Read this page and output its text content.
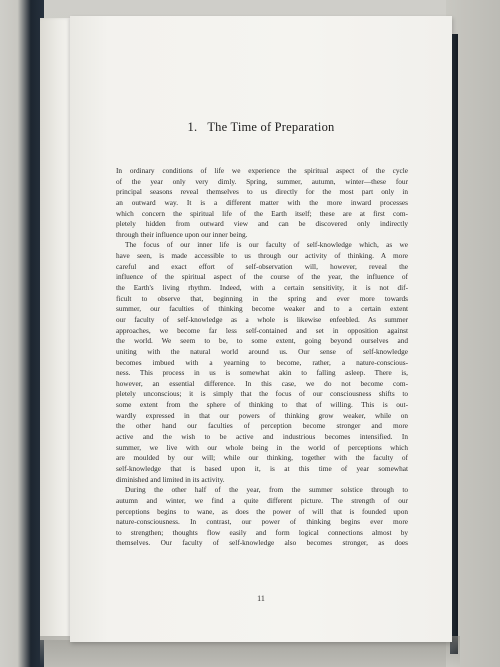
1. The Time of Preparation
In ordinary conditions of life we experience the spiritual aspect of the cycle
of the year only very dimly. Spring, summer, autumn, winter—these four
principal seasons reveal themselves to us directly for the most part only in
an outward way. It is a different matter with the more inward processes
which concern the spiritual life of the Earth itself; these are at first com-
pletely hidden from outward view and can be discovered only indirectly
through their influence upon our inner being.
The focus of our inner life is our faculty of self-knowledge which, as we
have seen, is made accessible to us through our activity of thinking. A more
careful and exact effort of self-observation will, however, reveal the
influence of the spiritual aspect of the course of the year, the influence of
the Earth's living rhythm. Indeed, with a certain sensitivity, it is not dif-
ficult to observe that, beginning in the spring and ever more towards
summer, our faculties of thinking become weaker and to a certain extent
our faculty of self-knowledge as a whole is likewise enfeebled. As summer
approaches, we become far less self-contained and set in opposition against
the world. We seem to be, to some extent, going beyond ourselves and
uniting with the natural world around us. Our sense of self-knowledge
becomes imbued with a yearning to become, rather, a nature-conscious-
ness. This process in us is somewhat akin to falling asleep. There is,
however, an essential difference. In this case, we do not become com-
pletely unconscious; it is simply that the focus of our consciousness shifts to
some extent from the sphere of thinking to that of willing. This is out-
wardly expressed in that our powers of thinking grow weaker, while on
the other hand our faculties of perception become stronger and more
active and the wish to be active and industrious becomes intensified. In
summer, we live with our whole being in the world of perceptions which
are moulded by our will; while our thinking, together with the faculty of
self-knowledge that is based upon it, is at this time of year somewhat
diminished and limited in its activity.
During the other half of the year, from the summer solstice through to
autumn and winter, we find a quite different picture. The strength of our
perceptions begins to wane, as does the power of will that is founded upon
nature-consciousness. In contrast, our power of thinking begins ever more
to strengthen; thoughts flow easily and form logical connections almost by
themselves. Our faculty of self-knowledge also becomes stronger, as does
11
